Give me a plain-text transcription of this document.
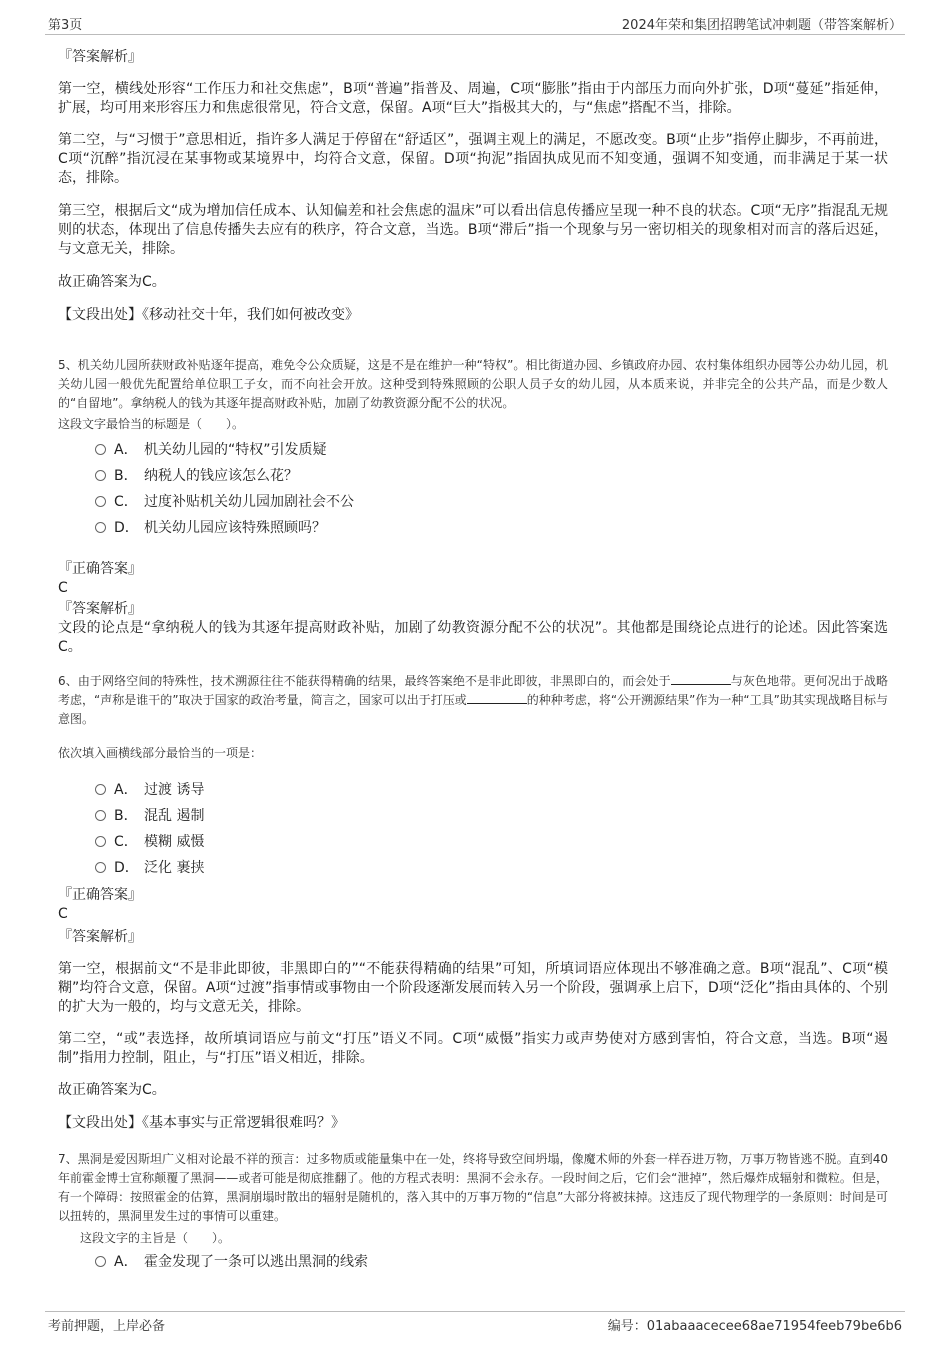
第3页	2024年荣和集团招聘笔试冲刺题（带答案解析）
『答案解析』
第一空，横线处形容“工作压力和社交焦虑”，B项“普遍”指普及、周遍，C项“膨胀”指由于内部压力而向外扩张，D项“蔓延”指延伸，扩展，均可用来形容压力和焦虑很常见，符合文意，保留。A项“巨大”指极其大的，与“焦虑”搭配不当，排除。
第二空，与“习惯于”意思相近，指许多人满足于停留在“舒适区”，强调主观上的满足，不愿改变。B项“止步”指停止脚步，不再前进，C项“沉醉”指沉浸在某事物或某境界中，均符合文意，保留。D项“拘泥”指固执成见而不知变通，强调不知变通，而非满足于某一状态，排除。
第三空，根据后文“成为增加信任成本、认知偏差和社会焦虑的温床”可以看出信息传播应呈现一种不良的状态。C项“无序”指混乱无规则的状态，体现出了信息传播失去应有的秩序，符合文意，当选。B项“滞后”指一个现象与另一密切相关的现象相对而言的落后迟延，与文意无关，排除。
故正确答案为C。
【文段出处】《移动社交十年，我们如何被改变》
5、机关幼儿园所获财政补贴逐年提高，难免令公众质疑，这是不是在维护一种“特权”。相比街道办园、乡镇政府办园、农村集体组织办园等公办幼儿园，机关幼儿园一般优先配置给单位职工子女，而不向社会开放。这种受到特殊照顾的公职人员子女的幼儿园，从本质来说，并非完全的公共产品，而是少数人的“自留地”。拿纳税人的钱为其逐年提高财政补贴，加剧了幼教资源分配不公的状况。
这段文字最恰当的标题是（　　）。
A． 机关幼儿园的“特权”引发质疑
B． 纳税人的钱应该怎么花？
C． 过度补贴机关幼儿园加剧社会不公
D． 机关幼儿园应该特殊照顾吗？
『正确答案』
C
『答案解析』
文段的论点是“拿纳税人的钱为其逐年提高财政补贴，加剧了幼教资源分配不公的状况”。其他都是围绕论点进行的论述。因此答案选C。
6、由于网络空间的特殊性，技术溯源往往不能获得精确的结果，最终答案绝不是非此即彼，非黑即白的，而会处于	与灰色地带。更何况出于战略考虑，“声称是谁干的”取决于国家的政治考量，简言之，国家可以出于打压或	的种种考虑，将“公开溯源结果”作为一种“工具”助其实现战略目标与意图。
依次填入画横线部分最恰当的一项是：
A． 过渡 诱导
B． 混乱 遏制
C． 模糊 威慑
D． 泛化 裹挟
『正确答案』
C
『答案解析』
第一空，根据前文“不是非此即彼，非黑即白的”“不能获得精确的结果”可知，所填词语应体现出不够准确之意。B项“混乱”、C项“模糊”均符合文意，保留。A项“过渡”指事情或事物由一个阶段逐渐发展而转入另一个阶段，强调承上启下，D项“泛化”指由具体的、个别的扩大为一般的，均与文意无关，排除。
第二空，“或”表选择，故所填词语应与前文“打压”语义不同。C项“威慑”指实力或声势使对方感到害怕，符合文意，当选。B项“遏制”指用力控制，阻止，与“打压”语义相近，排除。
故正确答案为C。
【文段出处】《基本事实与正常逻辑很难吗？》
7、黑洞是爱因斯坦广义相对论最不祥的预言：过多物质或能量集中在一处，终将导致空间坍塌，像魔术师的外套一样吞进万物，万事万物皆逃不脱。直到40年前霍金博士宣称颠覆了黑洞——或者可能是彻底推翻了。他的方程式表明：黑洞不会永存。一段时间之后，它们会“泄掉”，然后爆炸成辐射和微粒。但是，有一个障碍：按照霍金的估算，黑洞崩塌时散出的辐射是随机的，落入其中的万事万物的“信息”大部分将被抹掉。这违反了现代物理学的一条原则：时间是可以扭转的，黑洞里发生过的事情可以重建。
这段文字的主旨是（　　）。
A． 霍金发现了一条可以逃出黑洞的线索
考前押题，上岸必备	编号：01abaaacecee68ae71954feeb79be6b6
